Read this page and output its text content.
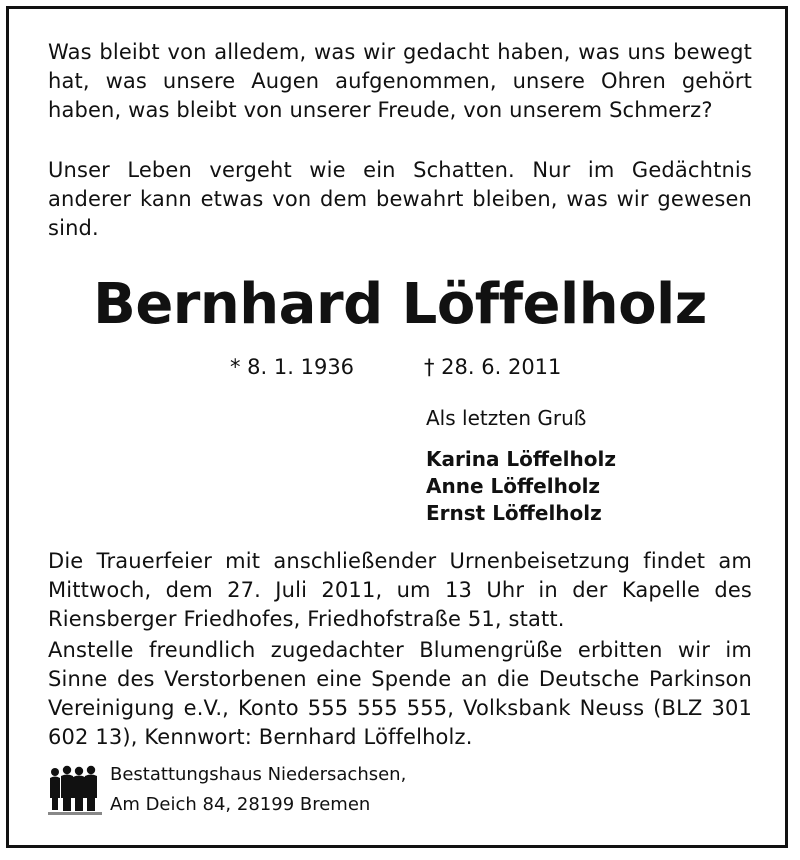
Was bleibt von alledem, was wir gedacht haben, was uns bewegt hat, was unsere Augen aufgenommen, unsere Ohren gehört haben, was bleibt von unserer Freude, von unserem Schmerz?

Unser Leben vergeht wie ein Schatten. Nur im Gedächtnis anderer kann etwas von dem bewahrt bleiben, was wir gewesen sind.

Bernhard Löffelholz
* 8. 1. 1936	† 28. 6. 2011
Als letzten Gruß
Karina Löffelholz
Anne Löffelholz
Ernst Löffelholz

Die Trauerfeier mit anschließender Urnenbeisetzung findet am Mittwoch, dem 27. Juli 2011, um 13 Uhr in der Kapelle des Riensberger Friedhofes, Friedhofstraße 51, statt.

Anstelle freundlich zugedachter Blumengrüße erbitten wir im Sinne des Verstorbenen eine Spende an die Deutsche Parkinson Vereinigung e.V., Konto 555 555 555, Volksbank Neuss (BLZ 301 602 13), Kennwort: Bernhard Löffelholz.

Bestattungshaus Niedersachsen,
Am Deich 84, 28199 Bremen
